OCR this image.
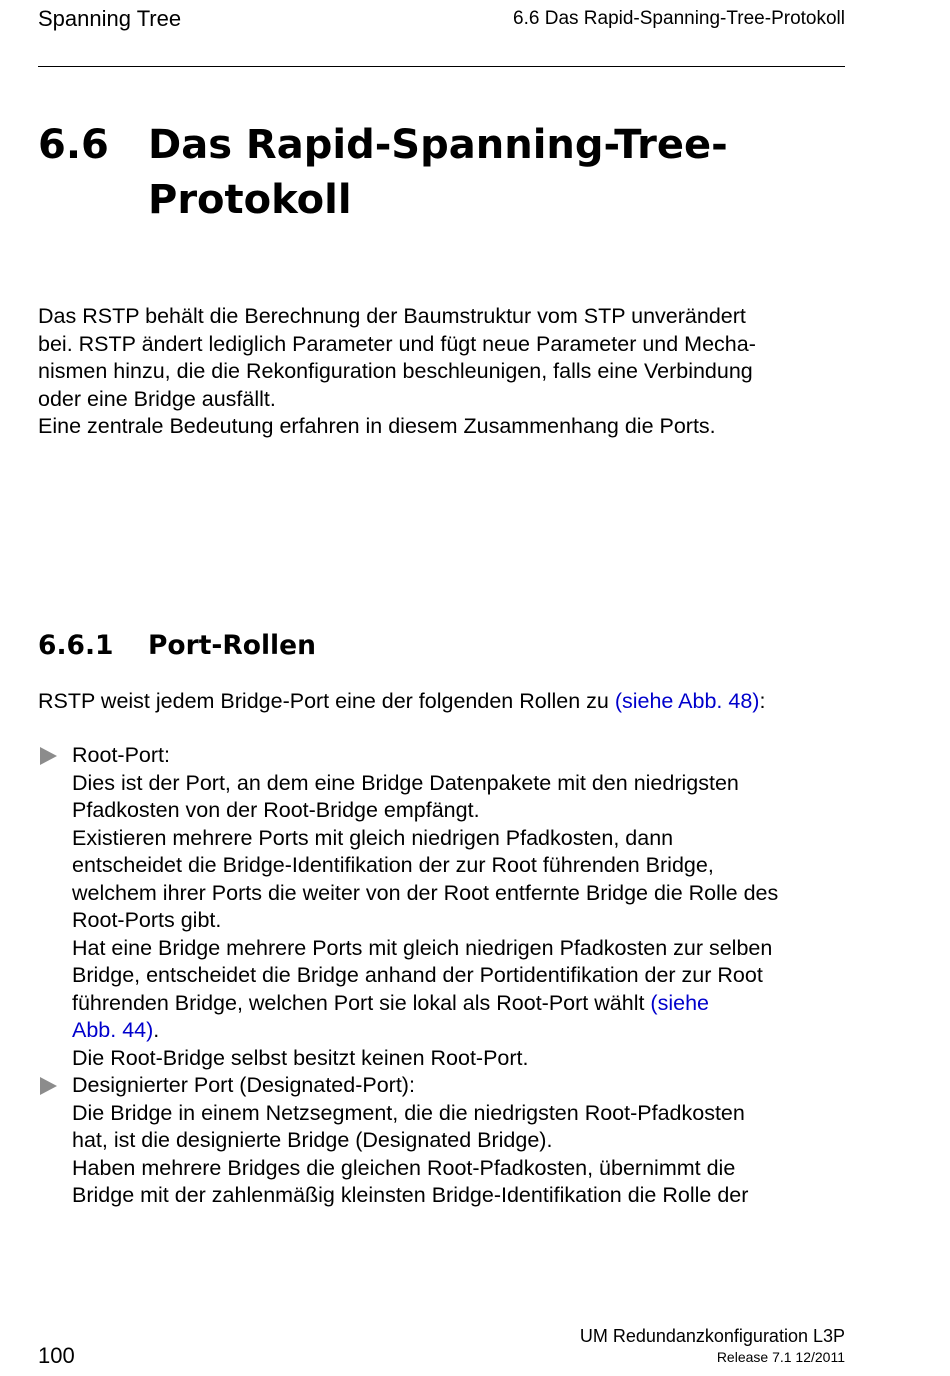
Spanning Tree	6.6 Das Rapid-Spanning-Tree-Protokoll
6.6 Das Rapid-Spanning-Tree-
Protokoll

Das RSTP behält die Berechnung der Baumstruktur vom STP unverändert

bei. RSTP ändert lediglich Parameter und fügt neue Parameter und Mecha-

nismen hinzu, die die Rekonfiguration beschleunigen, falls eine Verbindung

oder eine Bridge ausfällt.

Eine zentrale Bedeutung erfahren in diesem Zusammenhang die Ports.

6.6.1 Port-Rollen
RSTP weist jedem Bridge-Port eine der folgenden Rollen zu (siehe Abb. 48):
Root-Port:
Dies ist der Port, an dem eine Bridge Datenpakete mit den niedrigsten
Pfadkosten von der Root-Bridge empfängt.
Existieren mehrere Ports mit gleich niedrigen Pfadkosten, dann
entscheidet die Bridge-Identifikation der zur Root führenden Bridge,
welchem ihrer Ports die weiter von der Root entfernte Bridge die Rolle des
Root-Ports gibt.
Hat eine Bridge mehrere Ports mit gleich niedrigen Pfadkosten zur selben
Bridge, entscheidet die Bridge anhand der Portidentifikation der zur Root
führenden Bridge, welchen Port sie lokal als Root-Port wählt (siehe
Abb. 44).
Die Root-Bridge selbst besitzt keinen Root-Port.
Designierter Port (Designated-Port):
Die Bridge in einem Netzsegment, die die niedrigsten Root-Pfadkosten
hat, ist die designierte Bridge (Designated Bridge).
Haben mehrere Bridges die gleichen Root-Pfadkosten, übernimmt die
Bridge mit der zahlenmäßig kleinsten Bridge-Identifikation die Rolle der
100
UM Redundanzkonfiguration L3P
Release 7.1 12/2011
